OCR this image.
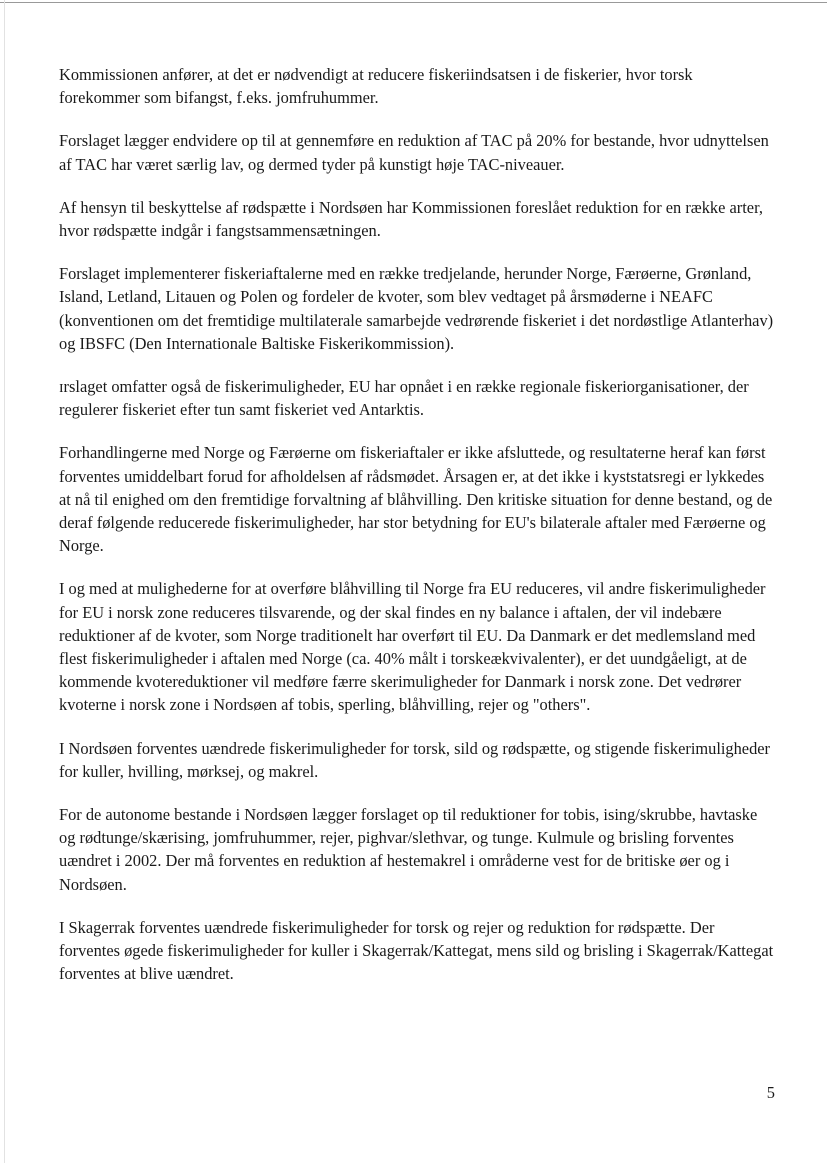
Kommissionen anfører, at det er nødvendigt at reducere fiskeriindsatsen i de fiskerier, hvor torsk forekommer som bifangst, f.eks. jomfruhummer.

Forslaget lægger endvidere op til at gennemføre en reduktion af TAC på 20% for bestande, hvor udnyttelsen af TAC har været særlig lav, og dermed tyder på kunstigt høje TAC-niveauer.

Af hensyn til beskyttelse af rødspætte i Nordsøen har Kommissionen foreslået reduktion for en række arter, hvor rødspætte indgår i fangstsammensætningen.

Forslaget implementerer fiskeriaftalerne med en række tredjelande, herunder Norge, Færøerne, Grønland, Island, Letland, Litauen og Polen og fordeler de kvoter, som blev vedtaget på årsmøderne i NEAFC (konventionen om det fremtidige multilaterale samarbejde vedrørende fiskeriet i det nordøstlige Atlanterhav) og IBSFC (Den Internationale Baltiske Fiskerikommission).

ɪrslaget omfatter også de fiskerimuligheder, EU har opnået i en række regionale fiskeriorganisationer, der regulerer fiskeriet efter tun samt fiskeriet ved Antarktis.

Forhandlingerne med Norge og Færøerne om fiskeriaftaler er ikke afsluttede, og resultaterne heraf kan først forventes umiddelbart forud for afholdelsen af rådsmødet. Årsagen er, at det ikke i kyststatsregi er lykkedes at nå til enighed om den fremtidige forvaltning af blåhvilling. Den kritiske situation for denne bestand, og de deraf følgende reducerede fiskerimuligheder, har stor betydning for EU's bilaterale aftaler med Færøerne og Norge.

I og med at mulighederne for at overføre blåhvilling til Norge fra EU reduceres, vil andre fiskerimuligheder for EU i norsk zone reduceres tilsvarende, og der skal findes en ny balance i aftalen, der vil indebære reduktioner af de kvoter, som Norge traditionelt har overført til EU. Da Danmark er det medlemsland med flest fiskerimuligheder i aftalen med Norge (ca. 40% målt i torskeækvivalenter), er det uundgåeligt, at de kommende kvotereduktioner vil medføre færre skerimuligheder for Danmark i norsk zone. Det vedrører kvoterne i norsk zone i Nordsøen af tobis, sperling, blåhvilling, rejer og "others".

I Nordsøen forventes uændrede fiskerimuligheder for torsk, sild og rødspætte, og stigende fiskerimuligheder for kuller, hvilling, mørksej, og makrel.

For de autonome bestande i Nordsøen lægger forslaget op til reduktioner for tobis, ising/skrubbe, havtaske og rødtunge/skærising, jomfruhummer, rejer, pighvar/slethvar, og tunge. Kulmule og brisling forventes uændret i 2002. Der må forventes en reduktion af hestemakrel i områderne vest for de britiske øer og i Nordsøen.

I Skagerrak forventes uændrede fiskerimuligheder for torsk og rejer og reduktion for rødspætte. Der forventes øgede fiskerimuligheder for kuller i Skagerrak/Kattegat, mens sild og brisling i Skagerrak/Kattegat forventes at blive uændret.

5
